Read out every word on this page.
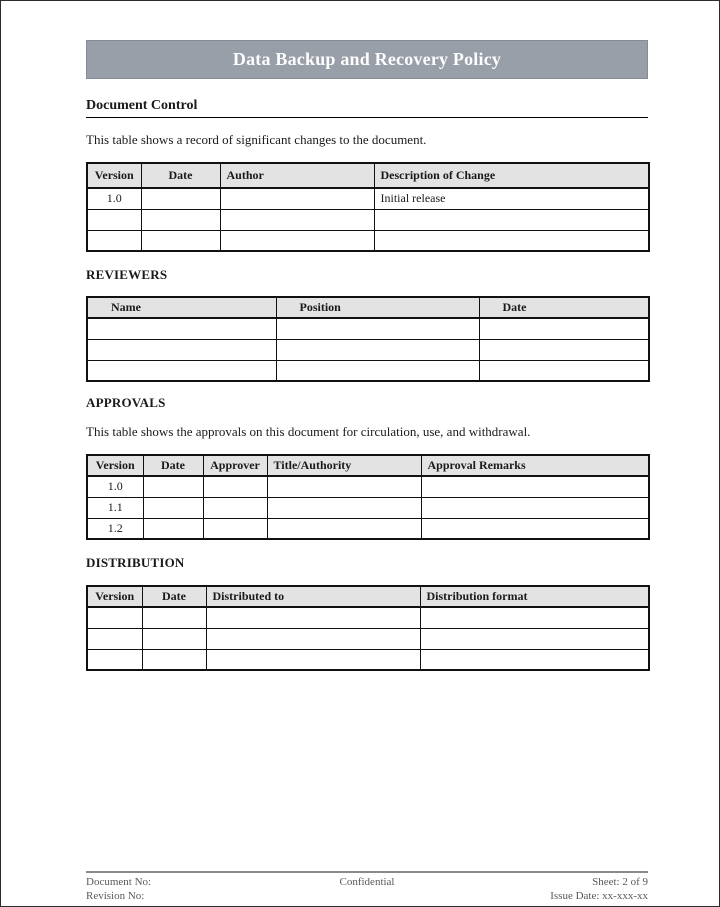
Data Backup and Recovery Policy
Document Control

This table shows a record of significant changes to the document.

Version	Date	Author	Description of Change
1.0			Initial release

REVIEWERS
Name	Position	Date

APPROVALS

This table shows the approvals on this document for circulation, use, and withdrawal.

Version	Date	Approver	Title/Authority	Approval Remarks
1.0				
1.1				
1.2				
DISTRIBUTION
Version	Date	Distributed to	Distribution format

Document No:
Revision No:
Confidential	Sheet: 2 of 9
Issue Date: xx-xxx-xx
